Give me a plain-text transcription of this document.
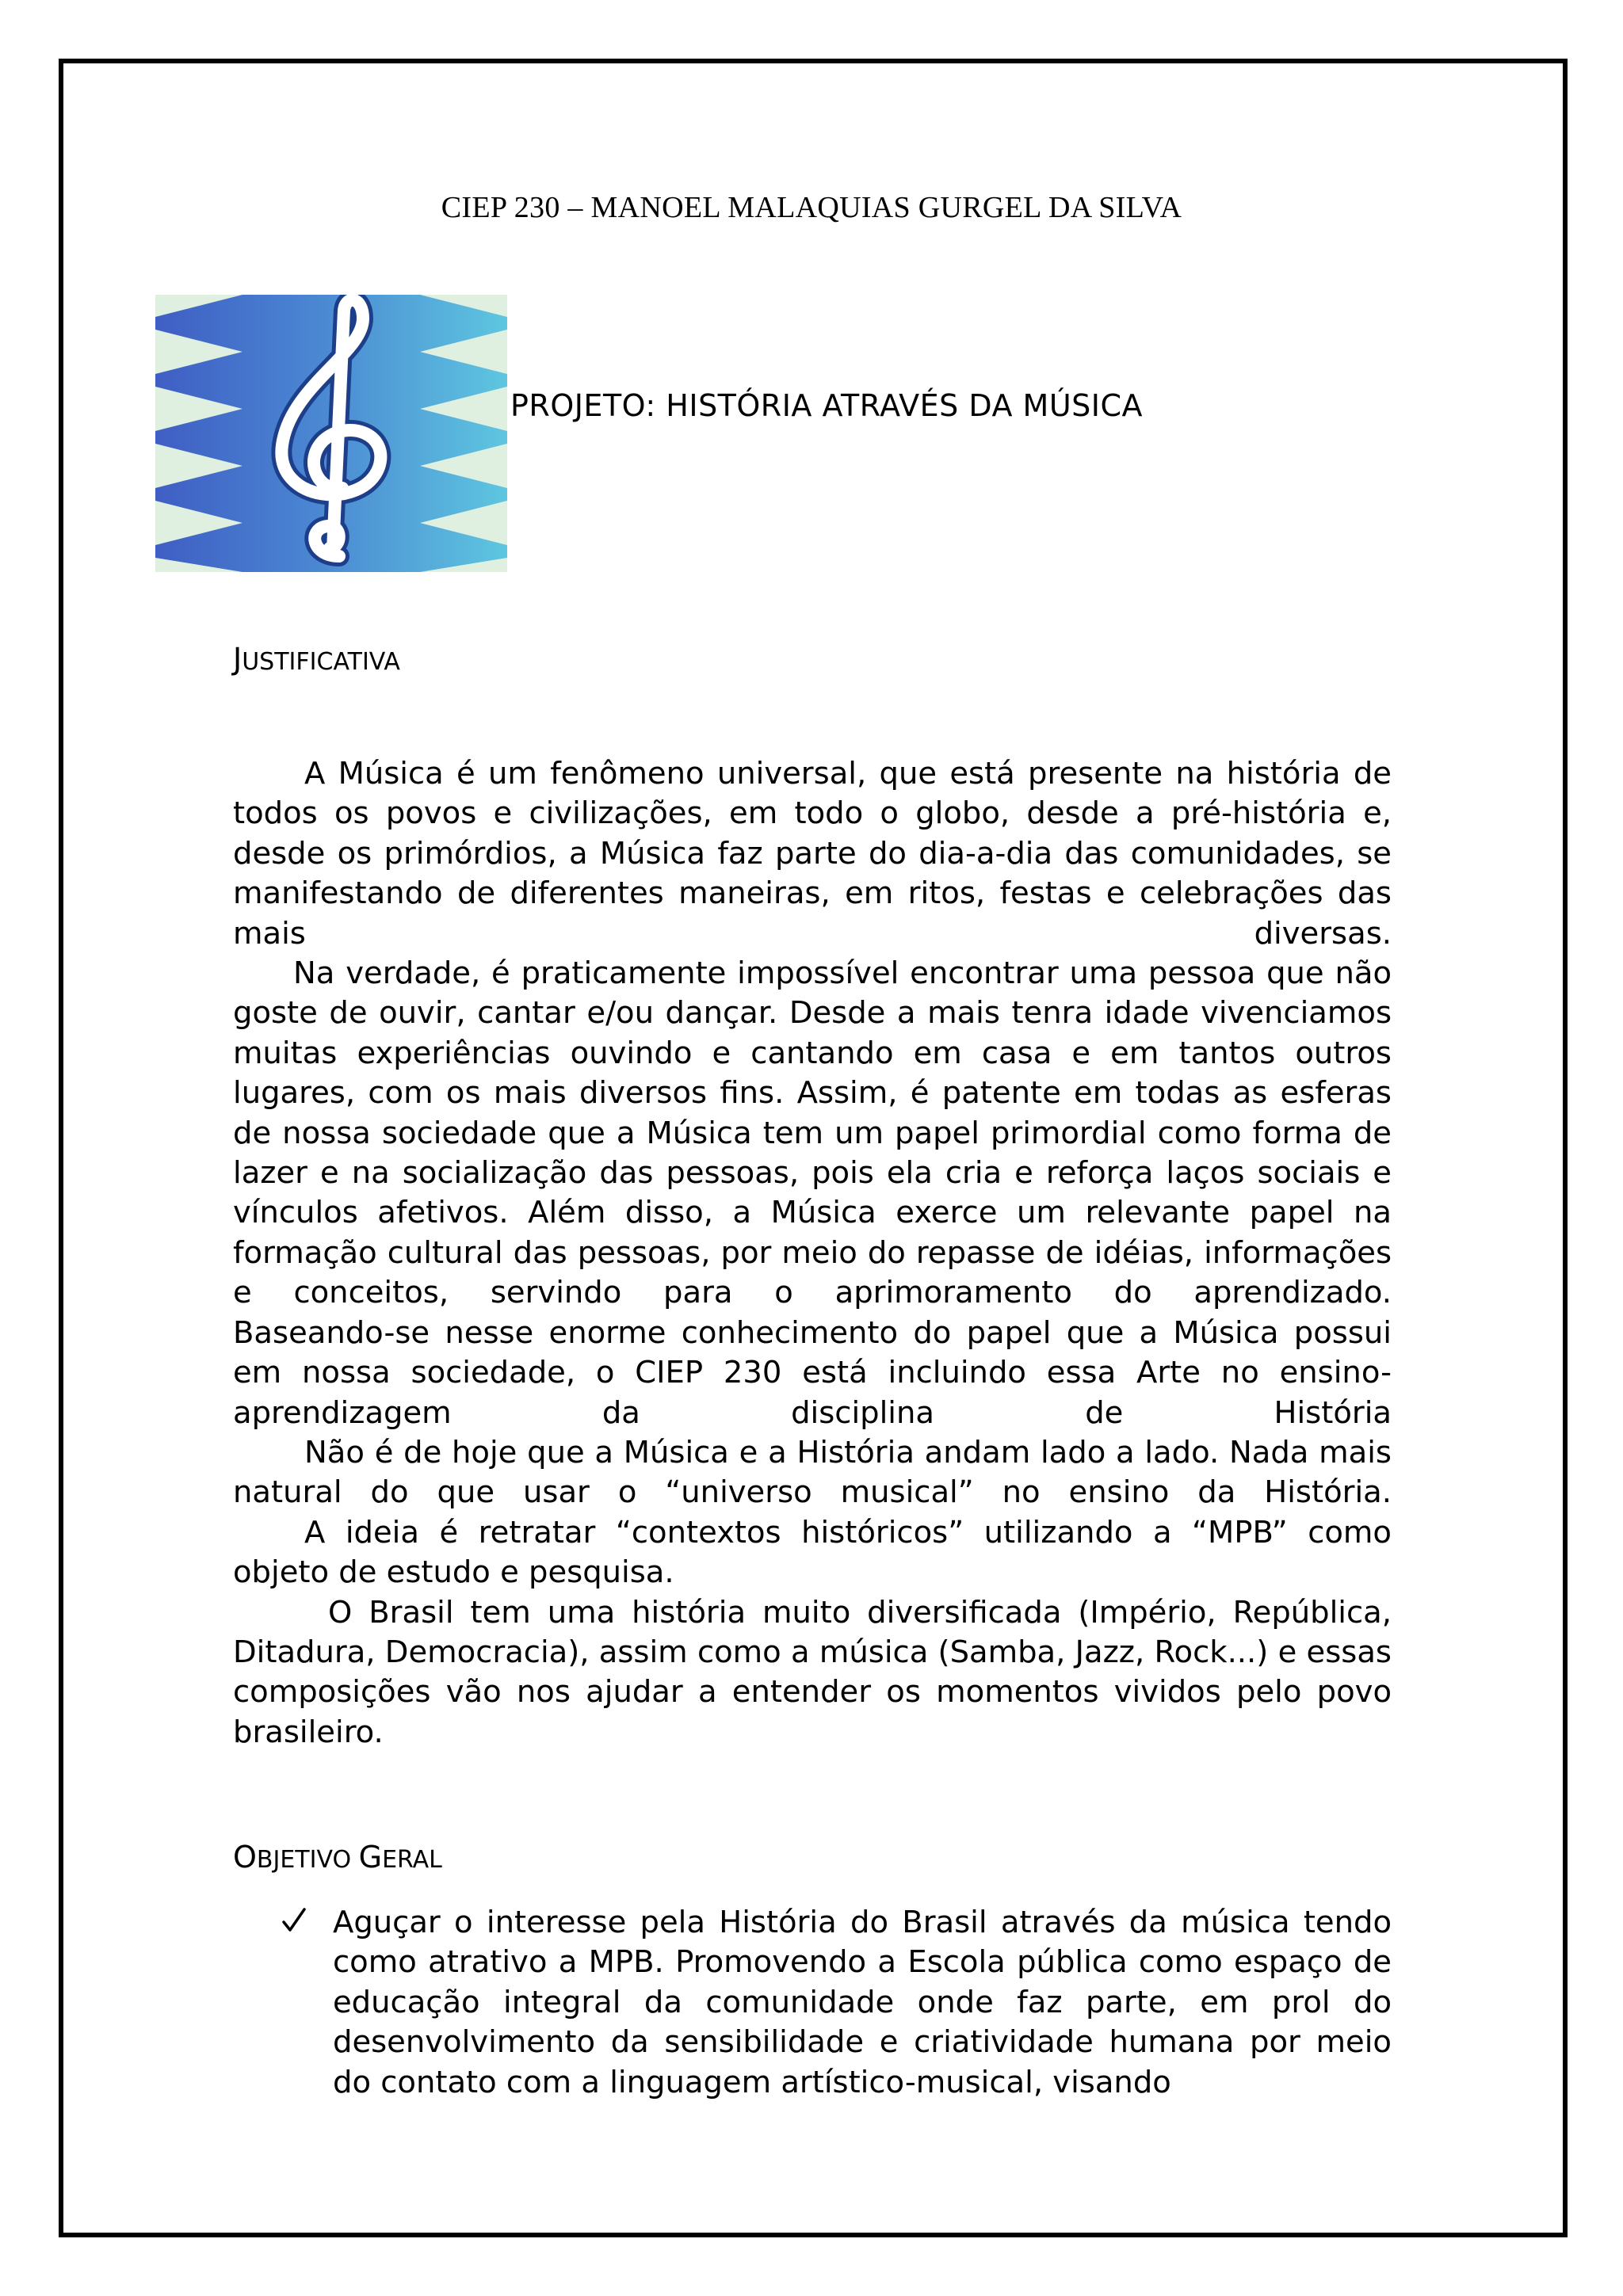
CIEP 230 – MANOEL MALAQUIAS GURGEL DA SILVA
PROJETO: HISTÓRIA ATRAVÉS DA MÚSICA
JUSTIFICATIVA

A Música é um fenômeno universal, que está presente na história de todos os povos e civilizações, em todo o globo, desde a pré-história e, desde os primórdios, a Música faz parte do dia-a-dia das comunidades, se manifestando de diferentes maneiras, em ritos, festas e celebrações das mais diversas.

Na verdade, é praticamente impossível encontrar uma pessoa que não goste de ouvir, cantar e/ou dançar. Desde a mais tenra idade vivenciamos muitas experiências ouvindo e cantando em casa e em tantos outros lugares, com os mais diversos fins. Assim, é patente em todas as esferas de nossa sociedade que a Música tem um papel primordial como forma de lazer e na socialização das pessoas, pois ela cria e reforça laços sociais e vínculos afetivos. Além disso, a Música exerce um relevante papel na formação cultural das pessoas, por meio do repasse de idéias, informações e conceitos, servindo para o aprimoramento do aprendizado.

Baseando-se nesse enorme conhecimento do papel que a Música possui em nossa sociedade, o CIEP 230 está incluindo essa Arte no ensino-aprendizagem da disciplina de História

Não é de hoje que a Música e a História andam lado a lado. Nada mais natural do que usar o “universo musical” no ensino da História.

A ideia é retratar “contextos históricos” utilizando a “MPB” como objeto de estudo e pesquisa.

O Brasil tem uma história muito diversificada (Império, República, Ditadura, Democracia), assim como a música (Samba, Jazz, Rock...) e essas composições vão nos ajudar a entender os momentos vividos pelo povo brasileiro.

OBJETIVO GERAL
Aguçar o interesse pela História do Brasil através da música tendo como atrativo a MPB. Promovendo a Escola pública como espaço de educação integral da comunidade onde faz parte, em prol do desenvolvimento da sensibilidade e criatividade humana por meio do contato com a linguagem artístico-musical, visando
